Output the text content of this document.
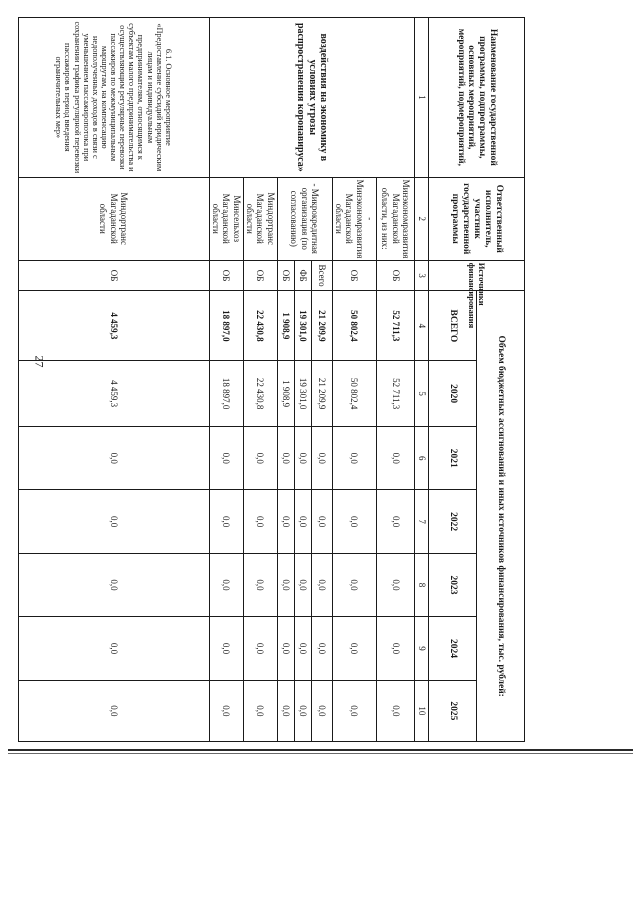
27
Наименование государственной программы, подпрограммы, основных мероприятий, мероприятий, подмероприятий,	Ответственный исполнитель, участник государственной программы	Источники финансирования	Объем бюджетных ассигнований и иных источников финансирования, тыс. рублей:						
			ВСЕГО	2020	2021	2022	2023	2024	2025
1	2	3	4	5	6	7	8	9	10
воздействия на экономику в условиях угрозы распространения коронавируса»	Минэкономразвития Магаданской области, из них:	ОБ	52 711,3	52 711,3	0,0	0,0	0,0	0,0	0,0
	- Минэкономразвития Магаданской области	ОБ	50 802,4	50 802,4	0,0	0,0	0,0	0,0	0,0
	- Микрокредитная организация (по согласованию)	Всего	21 209,9	21 209,9	0,0	0,0	0,0	0,0	0,0
		ФБ	19 301,0	19 301,0	0,0	0,0	0,0	0,0	0,0
		ОБ	1 908,9	1 908,9	0,0	0,0	0,0	0,0	0,0
	Миндортранс Магаданской области	ОБ	22 430,8	22 430,8	0,0	0,0	0,0	0,0	0,0
	Минсельхоз Магаданской области	ОБ	18 897,0	18 897,0	0,0	0,0	0,0	0,0	0,0
6.1. Основное мероприятие «Предоставление субсидий юридическим лицам и индивидуальным предпринимателям, относящимся к субъектам малого предпринимательства и осуществляющим регулярные перевозки пассажиров по межмуниципальным маршрутам, на компенсацию недополученных доходов в связи с уменьшением пассажиропотока при сохранении графика регулярной перевозки пассажиров в период введения ограничительных мер»	Миндортранс Магаданской области	ОБ	4 459,3	4 459,3	0,0	0,0	0,0	0,0	0,0
